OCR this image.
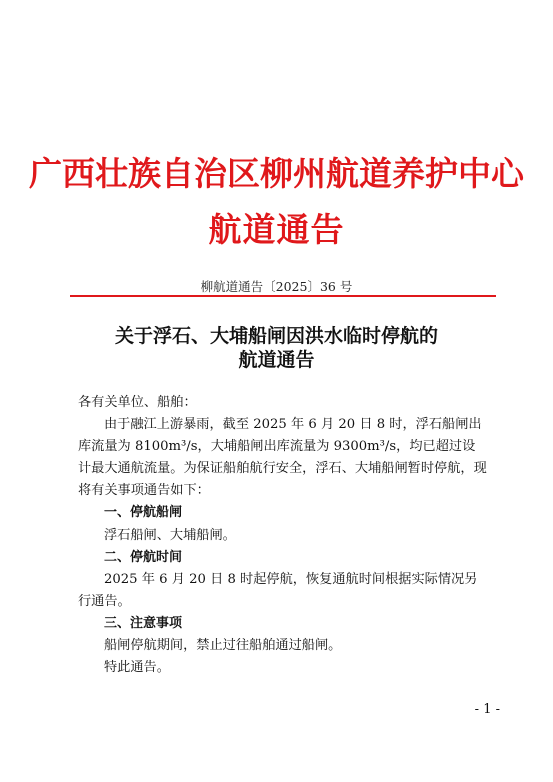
广西壮族自治区柳州航道养护中心
航道通告
柳航道通告〔2025〕36 号
关于浮石、大埔船闸因洪水临时停航的
航道通告

各有关单位、船舶：

由于融江上游暴雨，截至 2025 年 6 月 20 日 8 时，浮石船闸出库流量为 8100m³/s，大埔船闸出库流量为 9300m³/s，均已超过设计最大通航流量。为保证船舶航行安全，浮石、大埔船闸暂时停航，现将有关事项通告如下：

一、停航船闸

浮石船闸、大埔船闸。

二、停航时间

2025 年 6 月 20 日 8 时起停航，恢复通航时间根据实际情况另行通告。

三、注意事项

船闸停航期间，禁止过往船舶通过船闸。

特此通告。

- 1 -
